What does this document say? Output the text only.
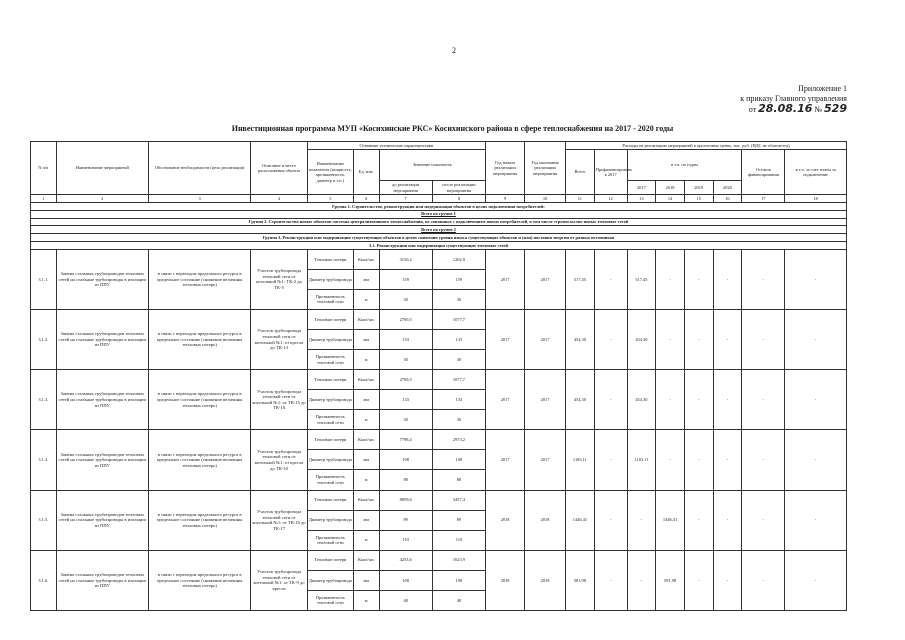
2
Приложение 1
к приказу Главного управления
от 28.08.16 № 529
Инвестиционная программа МУП «Косихинские РКС» Косихинского района в сфере теплоснабжения на 2017 - 2020 годы
N п/п	Наименование мероприятий	Обоснование необходимости (цель реализации)	Описание и место расположения объекта	Основные технические характеристики				Год начала реализации мероприятия	Год окончания реализации мероприятия	Расходы на реализацию мероприятий в прогнозных ценах, тыс. руб. (НДС не облагается)							
				Наименование показателя (мощность, протяженность, диаметр и т.п.)	Ед. изм.	Значение показателя				Всего	Профинансировано к 2017	в т.ч. по годам				Остаток финансирования	в т.ч. за счет платы за подключение
						до реализации мероприятия	после реализации мероприятия					2017	2018	2019	2020		
1	2	3	4	5	6	7	8	9	10	11	12	13	14	15	16	17	18
Группа 1. Строительство, реконструкция или модернизация объектов в целях подключения потребителей:																	
Всего по группе 1																	
Группа 2. Строительство новых объектов системы централизованного теплоснабжения, не связанных с подключением новых потребителей, в том числе строительство новых тепловых сетей																	
Всего по группе 2																	
Группа 3. Реконструкция или модернизация существующих объектов в целях снижения уровня износа существующих объектов и (или) поставки энергии от разных источников																	
3.1. Реконструкция или модернизация существующих тепловых сетей																	
3.1.1.	Замена стальных трубопроводов тепловых сетей на стальные трубопроводы в изоляции из ППУ	в связи с переходом предельного ресурса в предельное состояние (снижение величины тепловых потерь)	Участок трубопровода тепловой сети от котельной №1: ТК-2 до ТК-5	Тепловые потери	Ккал/час	3150,2	1202,9	2017	2017	517,45	-	517,45	-	-	-	-	-
				Диаметр трубопровода	мм	159	159										
				Протяженность тепловой сети	м	30	30										
3.1.2.	Замена стальных трубопроводов тепловых сетей на стальные трубопроводы в изоляции из ППУ	в связи с переходом предельного ресурса в предельное состояние (снижение величины тепловых потерь)	Участок трубопровода тепловой сети от котельной №1: от кресла до ТК-13	Тепловые потери	Ккал/час	2769,5	1077,7	2017	2017	454,30	-	454,30	-	-	-	-	-
				Диаметр трубопровода	мм	133	133										
				Протяженность тепловой сети	м	30	30										
3.1.3.	Замена стальных трубопроводов тепловых сетей на стальные трубопроводы в изоляции из ППУ	в связи с переходом предельного ресурса в предельное состояние (снижение величины тепловых потерь)	Участок трубопровода тепловой сети от котельной №1: от ТК-15 до ТК-16	Тепловые потери	Ккал/час	2769,5	1077,7	2017	2017	454,30	-	454,30	-	-	-	-	-
				Диаметр трубопровода	мм	133	133										
				Протяженность тепловой сети	м	30	30										
3.1.4.	Замена стальных трубопроводов тепловых сетей на стальные трубопроводы в изоляции из ППУ	в связи с переходом предельного ресурса в предельное состояние (снижение величины тепловых потерь)	Участок трубопровода тепловой сети от котельной №1: от кресла до ТК-10	Тепловые потери	Ккал/час	7798,4	2973,2	2017	2017	1183,11	-	1183,11	-	-	-	-	-
				Диаметр трубопровода	мм	108	108										
				Протяженность тепловой сети	м	88	88										
3.1.5.	Замена стальных трубопроводов тепловых сетей на стальные трубопроводы в изоляции из ППУ	в связи с переходом предельного ресурса в предельное состояние (снижение величины тепловых потерь)	Участок трубопровода тепловой сети от котельной №1: от ТК-16 до ТК-17	Тепловые потери	Ккал/час	8859,6	3457,4	2018	2018	1446,41	-	-	1446,41	-	-	-	-
				Диаметр трубопровода	мм	89	89										
				Протяженность тепловой сети	м	110	110										
3.1.6.	Замена стальных трубопроводов тепловых сетей на стальные трубопроводы в изоляции из ППУ	в связи с переходом предельного ресурса в предельное состояние (снижение величины тепловых потерь)	Участок трубопровода тепловой сети от котельной №1: от ТК-9 до кресла	Тепловые потери	Ккал/час	4253,6	1623,9	2018	2018	581,98	-	-	581,98	-	-	-	-
				Диаметр трубопровода	мм	108	108										
				Протяженность тепловой сети	м	48	48										
